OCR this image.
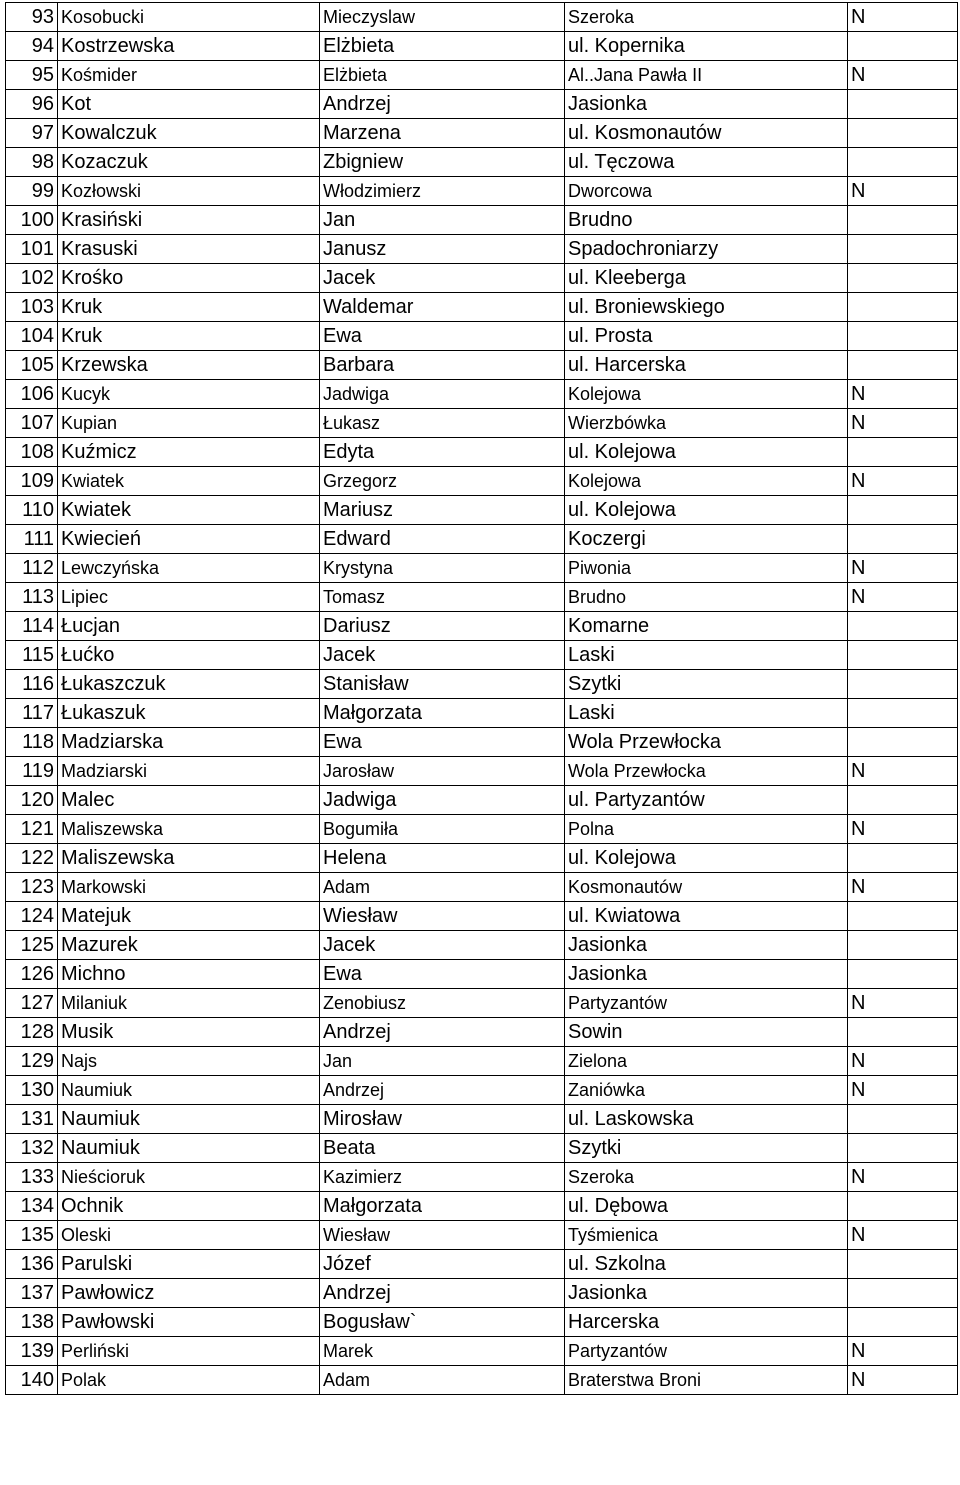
93	Kosobucki	Mieczyslaw	Szeroka	N
94	Kostrzewska	Elżbieta	ul. Kopernika	
95	Kośmider	Elżbieta	Al..Jana Pawła II	N
96	Kot	Andrzej	Jasionka	
97	Kowalczuk	Marzena	ul. Kosmonautów	
98	Kozaczuk	Zbigniew	ul. Tęczowa	
99	Kozłowski	Włodzimierz	Dworcowa	N
100	Krasiński	Jan	Brudno	
101	Krasuski	Janusz	Spadochroniarzy	
102	Krośko	Jacek	ul. Kleeberga	
103	Kruk	Waldemar	ul. Broniewskiego	
104	Kruk	Ewa	ul. Prosta	
105	Krzewska	Barbara	ul. Harcerska	
106	Kucyk	Jadwiga	Kolejowa	N
107	Kupian	Łukasz	Wierzbówka	N
108	Kuźmicz	Edyta	ul. Kolejowa	
109	Kwiatek	Grzegorz	Kolejowa	N
110	Kwiatek	Mariusz	ul. Kolejowa	
111	Kwiecień	Edward	Koczergi	
112	Lewczyńska	Krystyna	Piwonia	N
113	Lipiec	Tomasz	Brudno	N
114	Łucjan	Dariusz	Komarne	
115	Łućko	Jacek	Laski	
116	Łukaszczuk	Stanisław	Szytki	
117	Łukaszuk	Małgorzata	Laski	
118	Madziarska	Ewa	Wola Przewłocka	
119	Madziarski	Jarosław	Wola Przewłocka	N
120	Malec	Jadwiga	ul. Partyzantów	
121	Maliszewska	Bogumiła	Polna	N
122	Maliszewska	Helena	ul. Kolejowa	
123	Markowski	Adam	Kosmonautów	N
124	Matejuk	Wiesław	ul. Kwiatowa	
125	Mazurek	Jacek	Jasionka	
126	Michno	Ewa	Jasionka	
127	Milaniuk	Zenobiusz	Partyzantów	N
128	Musik	Andrzej	Sowin	
129	Najs	Jan	Zielona	N
130	Naumiuk	Andrzej	Zaniówka	N
131	Naumiuk	Mirosław	ul. Laskowska	
132	Naumiuk	Beata	Szytki	
133	Nieścioruk	Kazimierz	Szeroka	N
134	Ochnik	Małgorzata	ul. Dębowa	
135	Oleski	Wiesław	Tyśmienica	N
136	Parulski	Józef	ul. Szkolna	
137	Pawłowicz	Andrzej	Jasionka	
138	Pawłowski	Bogusław`	Harcerska	
139	Perliński	Marek	Partyzantów	N
140	Polak	Adam	Braterstwa Broni	N
